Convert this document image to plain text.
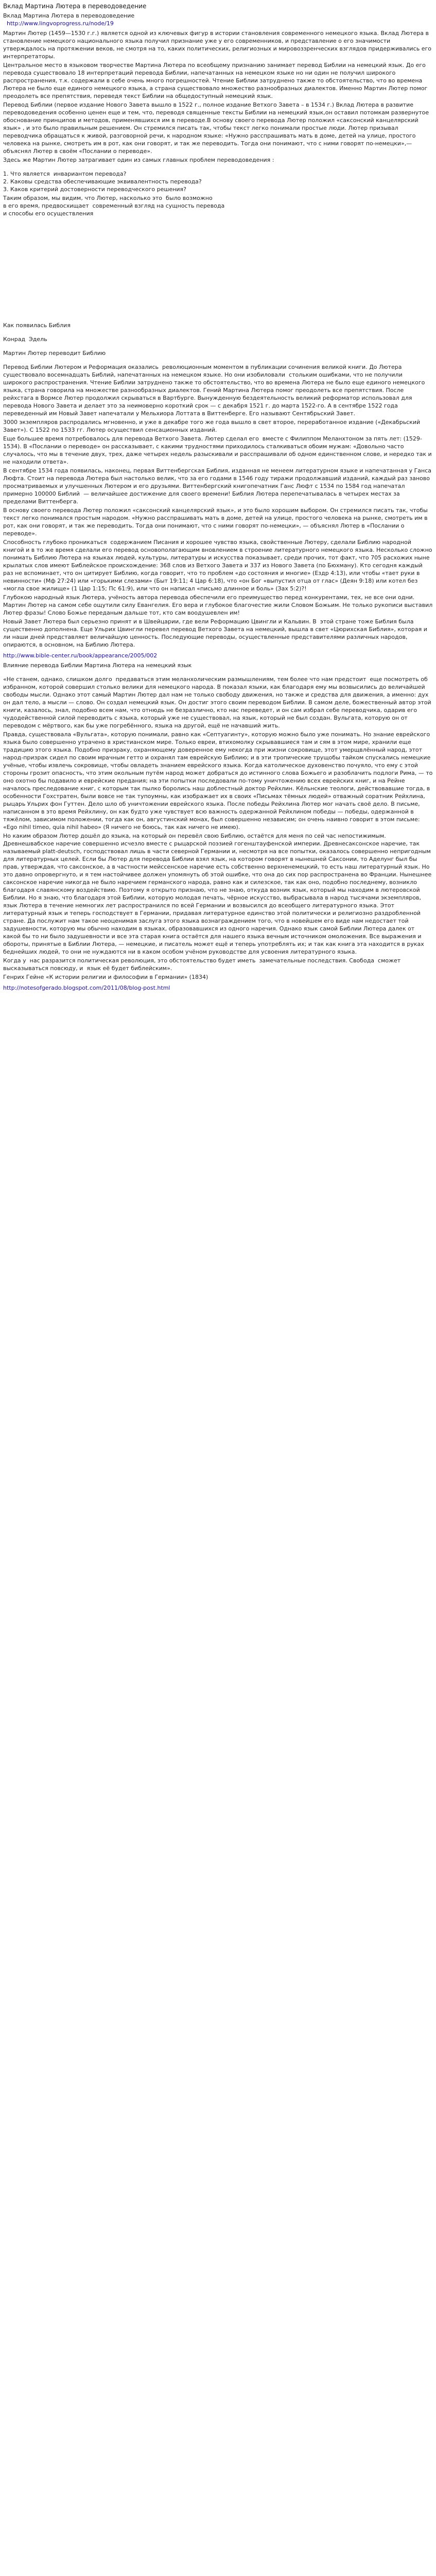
Вклад Мартина Лютера в переводоведение
Вклад Мартина Лютера в переводоведение
http://www.lingvoprogress.ru/node/19

Мартин Лютер (1459—1530 г.г.) является одной из ключевых фигур в истории становления современного немецкого языка. Вклад Лютера в становление немецкого национального языка получил признание уже у его современников, и представление о его значимости утверждалось на протяжении веков, не смотря на то, каких политических, религиозных и мировоззренческих взглядов придерживались его интерпретаторы.

Центральное место в языковом творчестве Мартина Лютера по всеобщему признанию занимает перевод Библии на немецкий язык. До его перевода существовало 18 интерпретаций перевода Библии, напечатанных на немецком языке но ни один не получил широкого распространения, т.к. содержали в себе очень много погрешностей. Чтение Библии затруднено также то обстоятельство, что во времена Лютера не было еще единого немецкого языка, а страна существовало множество разнообразных диалектов. Именно Мартин Лютер помог преодолеть все препятствия, переведя текст Библии на общедоступный немецкий язык.

Перевод Библии (первое издание Нового Завета вышло в 1522 г., полное издание Ветхого Завета – в 1534 г.) Вклад Лютера в развитие переводоведения особенно ценен еще и тем, что, переводя священные тексты Библии на немецкий язык,он оставил потомкам развернутое обоснование принципов и методов, применявшихся им в переводе.В основу своего перевода Лютер положил «саксонский канцелярский язык» , и это было правильным решением. Он стремился писать так, чтобы текст легко понимали простые люди. Лютер призывал переводчика обращаться к живой, разговорной речи, к народном языке: «Нужно расспрашивать мать в доме, детей на улице, простого человека на рынке, смотреть им в рот, как они говорят, и так же переводить. Тогда они понимают, что с ними говорят по-немецки»,— объяснял Лютер в своём «Послании о переводе».

Здесь же Мартин Лютер затрагивает один из самых главных проблем переводоведения :

1. Что является  инвариантом перевода?
2. Каковы средства обеспечивающие эквивалентность перевода?
3. Каков критерий достоверности переводческого решения?

Таким образом, мы видим, что Лютер, насколько это  было возможно
в его время, предвосхищает  современный взгляд на сущность перевода
и способы его осуществления

Как появилась Библия

Конрад  Эдель

Мартин Лютер переводит Библию

Перевод Библии Лютером и Реформация оказались  революционным моментом в публикации сочинения великой книги. До Лютера существовало восемнадцать Библий, напечатанных на немецком языке. Но они изобиловали  стольким ошибками, что не получили широкого распространения. Чтение Библии затруднено также то обстоятельство, что во времена Лютера не было еще единого немецкого языка, страна говорила на множестве разнообразных диалектов. Гений Мартина Лютера помог преодолеть все препятствия. После рейхстага в Вормсе Лютер продолжил скрываться в Вартбурге. Вынужденную бездеятельность великий реформатор использовал для перевода Нового Завета и делает это за неимоверно короткий срок — с декабря 1521 г. до марта 1522-го. А в сентябре 1522 года переведенный им Новый Завет напечатали у Мельхиора Лоттата в Виттенберге. Его называют Сентябрьский Завет.

3000 экземпляров распродались мгновенно, и уже в декабре того же года вышло в свет второе, переработанное издание («Декабрьский Завет»). С 1522 по 1533 гг. Лютер осуществил сенсационных изданий.

Еще большее время потребовалось для перевода Ветхого Завета. Лютер сделал его  вместе с Филиппом Меланхтоном за пять лет: (1529-1534). В «Послании о переводе» он рассказывает, с какими трудностями приходилось сталкиваться обоим мужам: «Довольно часто случалось, что мы в течение двух, трех, даже четырех недель разыскивали и расспрашивали об одном единственном слове, и нередко так и не находили ответа».

В сентябре 1534 года появилась, наконец, первая Виттенбергская Библия, изданная не менеем литературном языке и напечатанная у Ганса Люфта. Стоит на перевода Лютера был настолько велик, что за его годами в 1546 году тиражи продолжавший изданий, каждый раз заново просматриваемых и улучшенных Лютером и его друзьями. Виттенбергский книгопечатник Ганс Люфт с 1534 по 1584 год напечатал примерно 100000 Библий  — величайшее достижение для своего времени! Библия Лютера перепечатывалась в четырех местах за пределами Виттенберга.

В основу своего перевода Лютер положил «саксонский канцелярский язык», и это было хорошим выбором. Он стремился писать так, чтобы текст легко понимался простым народом. «Нужно расспрашивать мать в доме, детей на улице, простого человека на рынке, смотреть им в рот, как они говорят, и так же переводить. Тогда они понимают, что с ними говорят по-немецки», — объяснял Лютер в «Послании о переводе».

Способность глубоко проникаться  содержанием Писания и хорошее чувство языка, свойственные Лютеру, сделали Библию народной книгой и в то же время сделали его перевод основополагающим вновлением в строение литературного немецкого языка. Несколько сложно понимать Библию Лютера на языках людей, культуры, литературы и искусства показывает, среди прочих, тот факт, что 705 расхожих ныне крылатых слов имеют Библейское происхождение: 368 слов из Ветхого Завета и 337 из Нового Завета (по Бюхману). Кто сегодня каждый раз не вспоминает, что он цитирует Библию, когда говорит, что то проблем «до состояния и многие» (Ездр 4:13), или чтобы «тает руки в невинности» (Мф 27:24) или «горькими слезами» (Быт 19:11; 4 Цар 6:18), что «он Бог «выпустил отца от глас» (Деян 9:18) или котел без «могла свое жилище» (1 Цар 1:15; Пс 61:9), или что он написал «письмо длинное и боль» (Зах 5:2)?!

Глубокою народный язык Лютера, учёность автора перевода обеспечили его преимущество перед конкурентами, тех, не все они одни. Мартин Лютер на самом себе ощутили силу Евангелия. Его вера и глубокое благочестие жили Словом Божьим. Не только рукописи выставил Лютер фразы! Слово Божье переданым дальше тот, кто сам воодушевлен им!

Новый Завет Лютера был серьезно принят и в Швейцарии, где вели Реформацию Цвингли и Кальвин. В  этой стране тоже Библия была существенно дополнена. Еще Ульрих Цвингли перевел перевод Ветхого Завета на немецкий, вышла в свет «Цюрихская Библия», которая и ли наши дней представляет величайшую ценность. Последующие переводы, осуществленные представителями различных народов, опираются, в основном, на Библию Лютера.

http://www.bible-center.ru/book/appearance/2005/002

Влияние перевода Библии Мартина Лютера на немецкий язык

«Не станем, однако, слишком долго  предаваться этим меланхолическим размышлениям, тем более что нам предстоит  еще посмотреть об избранном, которой совершил столько велики для немецкого народа. В показал языки, как благодаря ему мы возвысились до величайшей свободы мысли. Однако этот самый Мартин Лютер дал нам не только свободу движения, но также и средства для движения, а именно: дух он дал тело, а мысли — слово. Он создал немецкий язык. Он достиг этого своим переводом Библии. В самом деле, божественный автор этой книги, казалось, знал, подобно всем нам, что отнюдь не безразлично, кто нас переведет, и он сам избрал себе переводчика, одарив его чудодейственной силой переводить с языка, который уже не существовал, на язык, который не был создан. Вульгата, которую он от переводом с мёртвого, как бы уже погребённого, языка на другой, ещё не начавший жить.

Правда, существовала «Вульгата», которую понимали, равно как «Септуагинту», которую можно было уже понимать. Но знание еврейского языка было совершенно утрачено в христианском мире. Только евреи, втихомолку скрывавшиеся там и сям в этом мире, хранили еще традицию этого языка. Подобно призраку, охраняющему доверенное ему некогда при жизни сокровище, этот умерщвлённый народ, этот народ-призрак сидел по своим мрачным гетто и охранял там еврейскую Библию; и в эти тропические трущобы тайком спускались немецкие учёные, чтобы извлечь сокровище, чтобы овладеть знанием еврейского языка. Когда католическое духовенство почуяло, что ему с этой стороны грозит опасность, что этим окольным путём народ может добраться до истинного слова Божьего и разоблачить подлоги Рима, — то оно охотно бы подавило и еврейские предания; на эти попытки последовали по-тому уничтожению всех еврейских книг, и на Рейне началось преследование книг, с которым так пылко боролись наш доблестный доктор Рейхлин. Кёльнские теологи, действовавшие тогда, в особенности Гохстратен, были вовсе не так тупоумны, как изображает их в своих «Письмах тёмных людей» отважный соратник Рейхлина, рыцарь Ульрих фон Гуттен. Дело шло об уничтожении еврейского языка. После победы Рейхлина Лютер мог начать своё дело. В письме, написанном в это время Рейхлину, он как будто уже чувствует всю важность одержанной Рейхлином победы — победы, одержанной в тяжёлом, зависимом положении, тогда как он, августинский монах, был совершенно независим; он очень наивно говорит в этом письме: «Ego nihil timeo, quia nihil habeo» (Я ничего не боюсь, так как ничего не имею).

Но каким образом Лютер дошёл до языка, на который он перевёл свою Библию, остаётся для меня по сей час непостижимым. Древнешвабское наречие совершенно исчезло вместе с рыцарской поэзией гогенштауфенской империи. Древнесаксонское наречие, так называемый platt-deutsch, господствовал лишь в части северной Германии и, несмотря на все попытки, оказалось совершенно непригодным для литературных целей. Если бы Лютер для перевода Библии взял язык, на котором говорят в нынешней Саксонии, то Аделунг был бы прав, утверждая, что саксонское, а в частности мейссенское наречие есть собственно верхненемецкий, то есть наш литературный язык. Но это давно опровергнуто, и я тем настойчивее должен упомянуть об этой ошибке, что она до сих пор распространена во Франции. Нынешнее саксонское наречие никогда не было наречием германского народа, равно как и силезское, так как оно, подобно последнему, возникло благодаря славянскому воздействию. Поэтому я открыто признаю, что не знаю, откуда возник язык, который мы находим в лютеровской Библии. Но я знаю, что благодаря этой Библии, которую молодая печать, чёрное искусство, выбрасывала в народ тысячами экземпляров, язык Лютера в течение немногих лет распространился по всей Германии и возвысился до всеобщего литературного языка. Этот литературный язык и теперь господствует в Германии, придавая литературное единство этой политически и религиозно раздробленной стране. Да послужит нам такое неоценимая заслуга этого языка вознаграждением того, что в новейшем его виде нам недостает той задушевности, которую мы обычно находим в языках, образовавшихся из одного наречия. Однако язык самой Библии Лютера далек от какой бы то ни было задушевности и все эта старая книга остаётся для нашего языка вечным источником омоложения. Все выражения и обороты, принятые в Библии Лютера, — немецкие, и писатель может ещё и теперь употреблять их; и так как книга эта находится в руках беднейших людей, то они не нуждаются ни в каком особом учёном руководстве для усвоения литературного языка.

Когда у  нас разразится политическая революция, это обстоятельство будет иметь  замечательные последствия. Свобода  сможет высказываться повсюду, и  язык её будет библейским».

Генрих Гейне «К истории религии и философии в Германии» (1834)

http://notesofgerado.blogspot.com/2011/08/blog-post.html
